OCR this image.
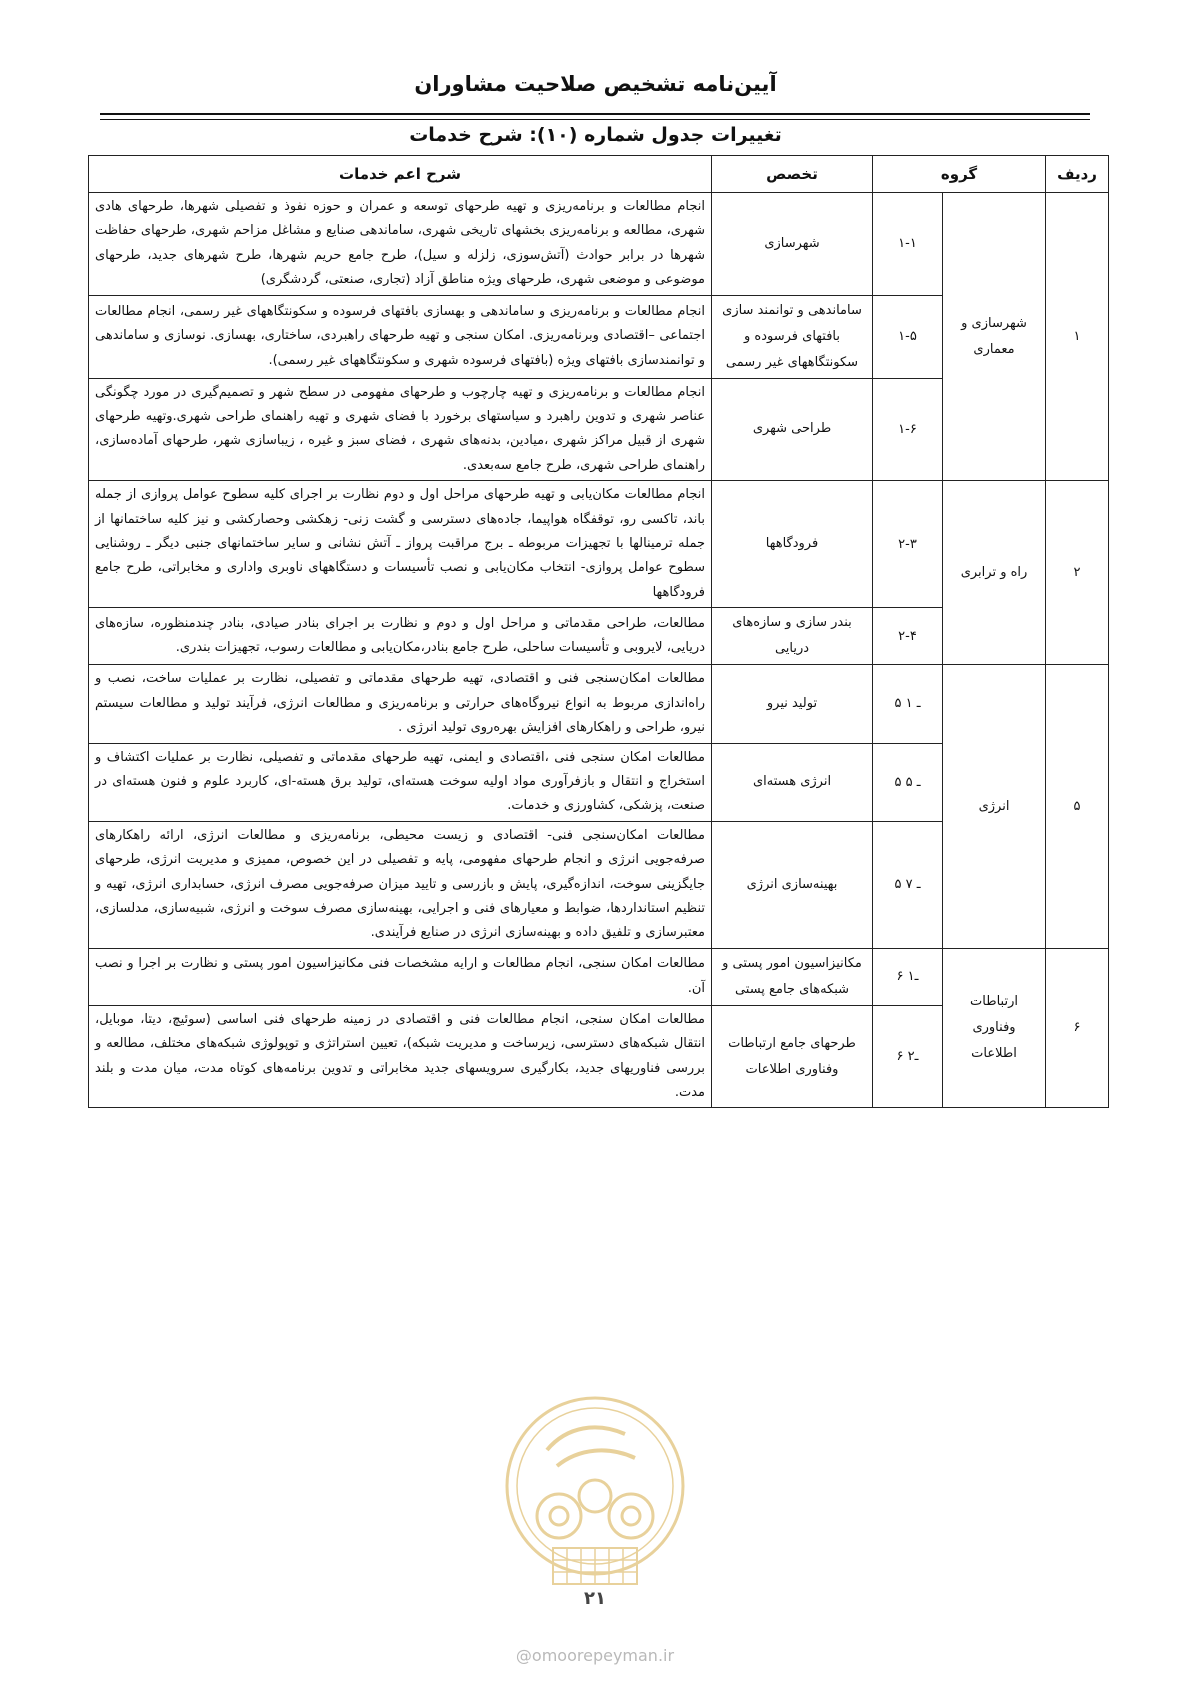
آیین‌نامه تشخیص صلاحیت مشاوران
تغییرات جدول شماره (۱۰): شرح خدمات
ردیف	گروه		تخصص	شرح اعم خدمات
۱	شهرسازی و معماری	۱-۱	شهرسازی	انجام مطالعات و برنامه‌ریزی و تهیه طرحهای توسعه و عمران و حوزه نفوذ و تفصیلی شهرها، طرحهای هادی شهری، مطالعه و برنامه‌ریزی بخشهای تاریخی شهری، ساماندهی صنایع و مشاغل مزاحم شهری، طرحهای حفاظت شهرها در برابر حوادث (آتش‌سوزی، زلزله و سیل)، طرح جامع حریم شهرها، طرح شهرهای جدید، طرحهای موضوعی و موضعی شهری، طرحهای ویژه مناطق آزاد (تجاری، صنعتی، گردشگری)
		۱-۵	ساماندهی و توانمند سازی بافتهای فرسوده و سکونتگاههای غیر رسمی	انجام مطالعات و برنامه‌ریزی و ساماندهی و بهسازی بافتهای فرسوده و سکونتگاههای غیر رسمی، انجام مطالعات اجتماعی –اقتصادی وبرنامه‌ریزی. امکان سنجی و تهیه طرحهای راهبردی، ساختاری، بهسازی. نوسازی و ساماندهی و توانمندسازی بافتهای ویژه (بافتهای فرسوده شهری و سکونتگاههای غیر رسمی).
		۱-۶	طراحی شهری	انجام مطالعات و برنامه‌ریزی و تهیه چارچوب و طرحهای مفهومی در سطح شهر و تصمیم‌گیری در مورد چگونگی عناصر شهری و تدوین راهبرد و سیاستهای برخورد با فضای شهری و تهیه راهنمای طراحی شهری.وتهیه طرحهای شهری از قبیل مراکز شهری ،میادین، بدنه‌های شهری ، فضای سبز و غیره ، زیباسازی شهر، طرحهای آماده‌سازی، راهنمای طراحی شهری، طرح جامع سه‌بعدی.
۲	راه و ترابری	۲-۳	فرودگاهها	انجام مطالعات مکان‌یابی و تهیه طرحهای مراحل اول و دوم نظارت بر اجرای کلیه سطوح عوامل پروازی از جمله باند، تاکسی رو، توقفگاه هواپیما، جاده‌های دسترسی و گشت زنی- زهکشی وحصارکشی و نیز کلیه ساختمانها از جمله ترمینالها با تجهیزات مربوطه ـ برج مراقبت پرواز ـ آتش نشانی و سایر ساختمانهای جنبی دیگر ـ روشنایی سطوح عوامل پروازی- انتخاب مکان‌یابی و نصب تأسیسات و دستگاههای ناوبری واداری و مخابراتی، طرح جامع فرودگاهها
		۲-۴	بندر سازی و سازه‌های دریایی	مطالعات، طراحی مقدماتی و مراحل اول و دوم و نظارت بر اجرای بنادر صیادی، بنادر چندمنظوره، سازه‌های دریایی، لایروبی و تأسیسات ساحلی، طرح جامع بنادر،مکان‌یابی و مطالعات رسوب، تجهیزات بندری.
۵	انرژی	۵ ـ ۱	تولید نیرو	مطالعات امکان‌سنجی فنی و اقتصادی، تهیه طرحهای مقدماتی و تفصیلی، نظارت بر عملیات ساخت، نصب و راه‌اندازی مربوط به انواع نیروگاه‌های حرارتی و برنامه‌ریزی و مطالعات انرژی، فرآیند تولید و مطالعات سیستم نیرو، طراحی و راهکارهای افزایش بهره‌روی تولید انرژی .
		۵ ـ ۵	انرژی هسته‌ای	مطالعات امکان سنجی فنی ،اقتصادی و ایمنی، تهیه طرحهای مقدماتی و تفصیلی، نظارت بر عملیات اکتشاف و استخراج و انتقال و بازفرآوری مواد اولیه سوخت هسته‌ای، تولید برق هسته-ای، کاربرد علوم و فنون هسته‌ای در صنعت، پزشکی، کشاورزی و خدمات.
		۵ ـ ۷	بهینه‌سازی انرژی	مطالعات امکان‌سنجی فنی- اقتصادی و زیست محیطی، برنامه‌ریزی و مطالعات انرژی، ارائه راهکارهای صرفه‌جویی انرژی و انجام طرحهای مفهومی، پایه و تفصیلی در این خصوص، ممیزی و مدیریت انرژی، طرحهای جایگزینی سوخت، اندازه‌گیری، پایش و بازرسی و تایید میزان صرفه‌جویی مصرف انرژی، حسابداری انرژی، تهیه و تنظیم استانداردها، ضوابط و معیارهای فنی و اجرایی، بهینه‌سازی مصرف سوخت و انرژی، شبیه‌سازی، مدلسازی، معتبرسازی و تلفیق داده و بهینه‌سازی انرژی در صنایع فرآیندی.
۶	ارتباطات وفناوری اطلاعات	۶ ـ۱	مکانیزاسیون امور پستی و شبکه‌های جامع پستی	مطالعات امکان سنجی، انجام مطالعات و ارایه مشخصات فنی مکانیزاسیون امور پستی و نظارت بر اجرا و نصب آن.
		۶ ـ۲	طرحهای جامع ارتباطات وفناوری اطلاعات	مطالعات امکان سنجی، انجام مطالعات فنی و اقتصادی در زمینه طرحهای فنی اساسی (سوئیچ، دیتا، موبایل، انتقال شبکه‌های دسترسی، زیرساخت و مدیریت شبکه)، تعیین استراتژی و توپولوژی شبکه‌های مختلف، مطالعه و بررسی فناوریهای جدید، بکارگیری سرویسهای جدید مخابراتی و تدوین برنامه‌های کوتاه مدت، میان مدت و بلند مدت.
۲۱
@omoorepeyman.ir
